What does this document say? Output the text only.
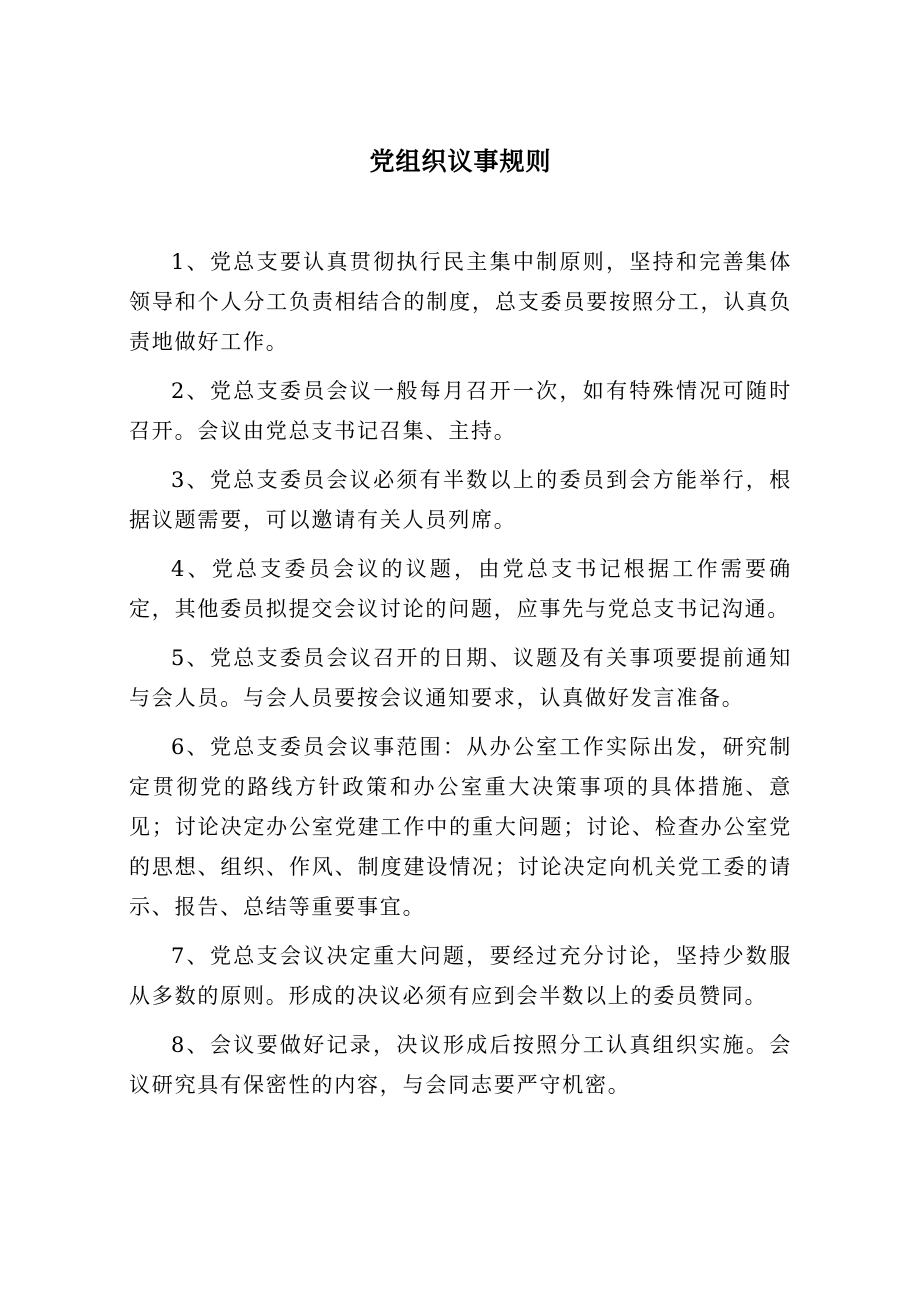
党组织议事规则

1、党总支要认真贯彻执行民主集中制原则，坚持和完善集体领导和个人分工负责相结合的制度，总支委员要按照分工，认真负责地做好工作。

2、党总支委员会议一般每月召开一次，如有特殊情况可随时召开。会议由党总支书记召集、主持。

3、党总支委员会议必须有半数以上的委员到会方能举行，根据议题需要，可以邀请有关人员列席。

4、党总支委员会议的议题，由党总支书记根据工作需要确定，其他委员拟提交会议讨论的问题，应事先与党总支书记沟通。

5、党总支委员会议召开的日期、议题及有关事项要提前通知与会人员。与会人员要按会议通知要求，认真做好发言准备。

6、党总支委员会议事范围：从办公室工作实际出发，研究制定贯彻党的路线方针政策和办公室重大决策事项的具体措施、意见；讨论决定办公室党建工作中的重大问题；讨论、检查办公室党的思想、组织、作风、制度建设情况；讨论决定向机关党工委的请示、报告、总结等重要事宜。

7、党总支会议决定重大问题，要经过充分讨论，坚持少数服从多数的原则。形成的决议必须有应到会半数以上的委员赞同。

8、会议要做好记录，决议形成后按照分工认真组织实施。会议研究具有保密性的内容，与会同志要严守机密。
